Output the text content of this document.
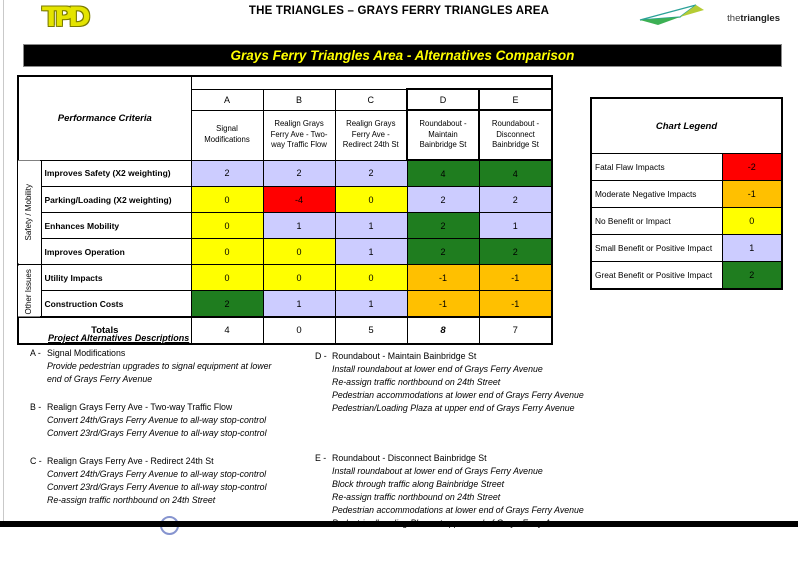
TPD	THE TRIANGLES – GRAYS FERRY TRIANGLES AREA
thetriangles
Grays Ferry Triangles Area - Alternatives Comparison
Performance Criteria						
		A	B	C	D	E
		Signal Modifications	Realign Grays Ferry Ave - Two-way Traffic Flow	Realign Grays Ferry Ave - Redirect 24th St	Roundabout - Maintain Bainbridge St	Roundabout - Disconnect Bainbridge St
Safety / Mobility	Improves Safety (X2 weighting)	2	2	2	4	4
	Parking/Loading (X2 weighting)	0	-4	0	2	2
	Enhances Mobility	0	1	1	2	1
	Improves Operation	0	0	1	2	2
Other Issues	Utility Impacts	0	0	0	-1	-1
	Construction Costs	2	1	1	-1	-1
Totals		4	0	5	8	7
Chart Legend	
Fatal Flaw Impacts	-2
Moderate Negative Impacts	-1
No Benefit or Impact	0
Small Benefit or Positive Impact	1
Great Benefit or Positive Impact	2
Project Alternatives Descriptions
A - Signal Modifications
Provide pedestrian upgrades to signal equipment at lower
end of Grays Ferry Avenue
B - Realign Grays Ferry Ave - Two-way Traffic Flow
Convert 24th/Grays Ferry Avenue to all-way stop-control
Convert 23rd/Grays Ferry Avenue to all-way stop-control
C - Realign Grays Ferry Ave - Redirect 24th St
Convert 24th/Grays Ferry Avenue to all-way stop-control
Convert 23rd/Grays Ferry Avenue to all-way stop-control
Re-assign traffic northbound on 24th Street
D - Roundabout - Maintain Bainbridge St
Install roundabout at lower end of Grays Ferry Avenue
Re-assign traffic northbound on 24th Street
Pedestrian accommodations at lower end of Grays Ferry Avenue
Pedestrian/Loading Plaza at upper end of Grays Ferry Avenue
E - Roundabout - Disconnect Bainbridge St
Install roundabout at lower end of Grays Ferry Avenue
Block through traffic along Bainbridge Street
Re-assign traffic northbound on 24th Street
Pedestrian accommodations at lower end of Grays Ferry Avenue
